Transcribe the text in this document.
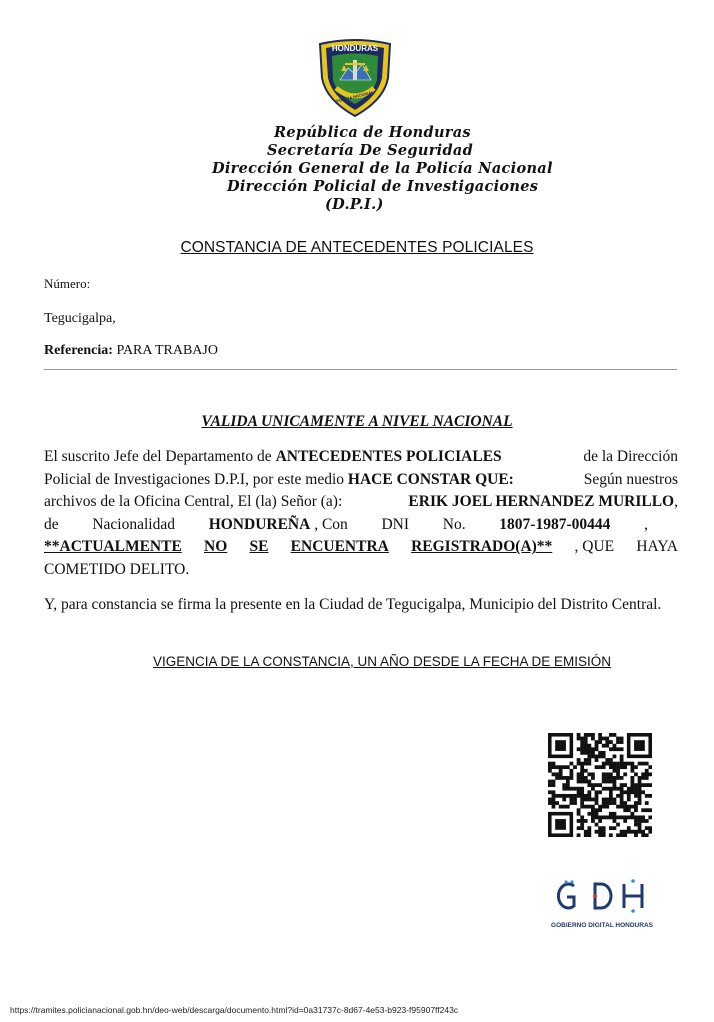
HONDURAS
POLICIA NACIONAL
República de Honduras
Secretaría De Seguridad
Dirección General de la Policía Nacional
Dirección Policial de Investigaciones
(D.P.I.)
CONSTANCIA DE ANTECEDENTES POLICIALES
Número:
Tegucigalpa,
Referencia: PARA TRABAJO
VALIDA UNICAMENTE A NIVEL NACIONAL
El suscrito Jefe del Departamento de ANTECEDENTES POLICIALES	de la Dirección
Policial de Investigaciones D.P.I, por este medio HACE CONSTAR QUE:	Según nuestros
archivos de la Oficina Central, El (la) Señor (a):	ERIK JOEL HERNANDEZ MURILLO,
de Nacionalidad HONDUREÑA , Con DNI No. 1807-1987-00444 ,
**ACTUALMENTE NO SE ENCUENTRA REGISTRADO(A)** , QUE HAYA
COMETIDO DELITO.
Y, para constancia se firma la presente en la Ciudad de Tegucigalpa, Municipio del Distrito Central.
VIGENCIA DE LA CONSTANCIA, UN AÑO DESDE LA FECHA DE EMISIÓN
GOBIERNO DIGITAL HONDURAS
https://tramites.policianacional.gob.hn/deo-web/descarga/documento.html?id=0a31737c-8d67-4e53-b923-f95907ff243c
